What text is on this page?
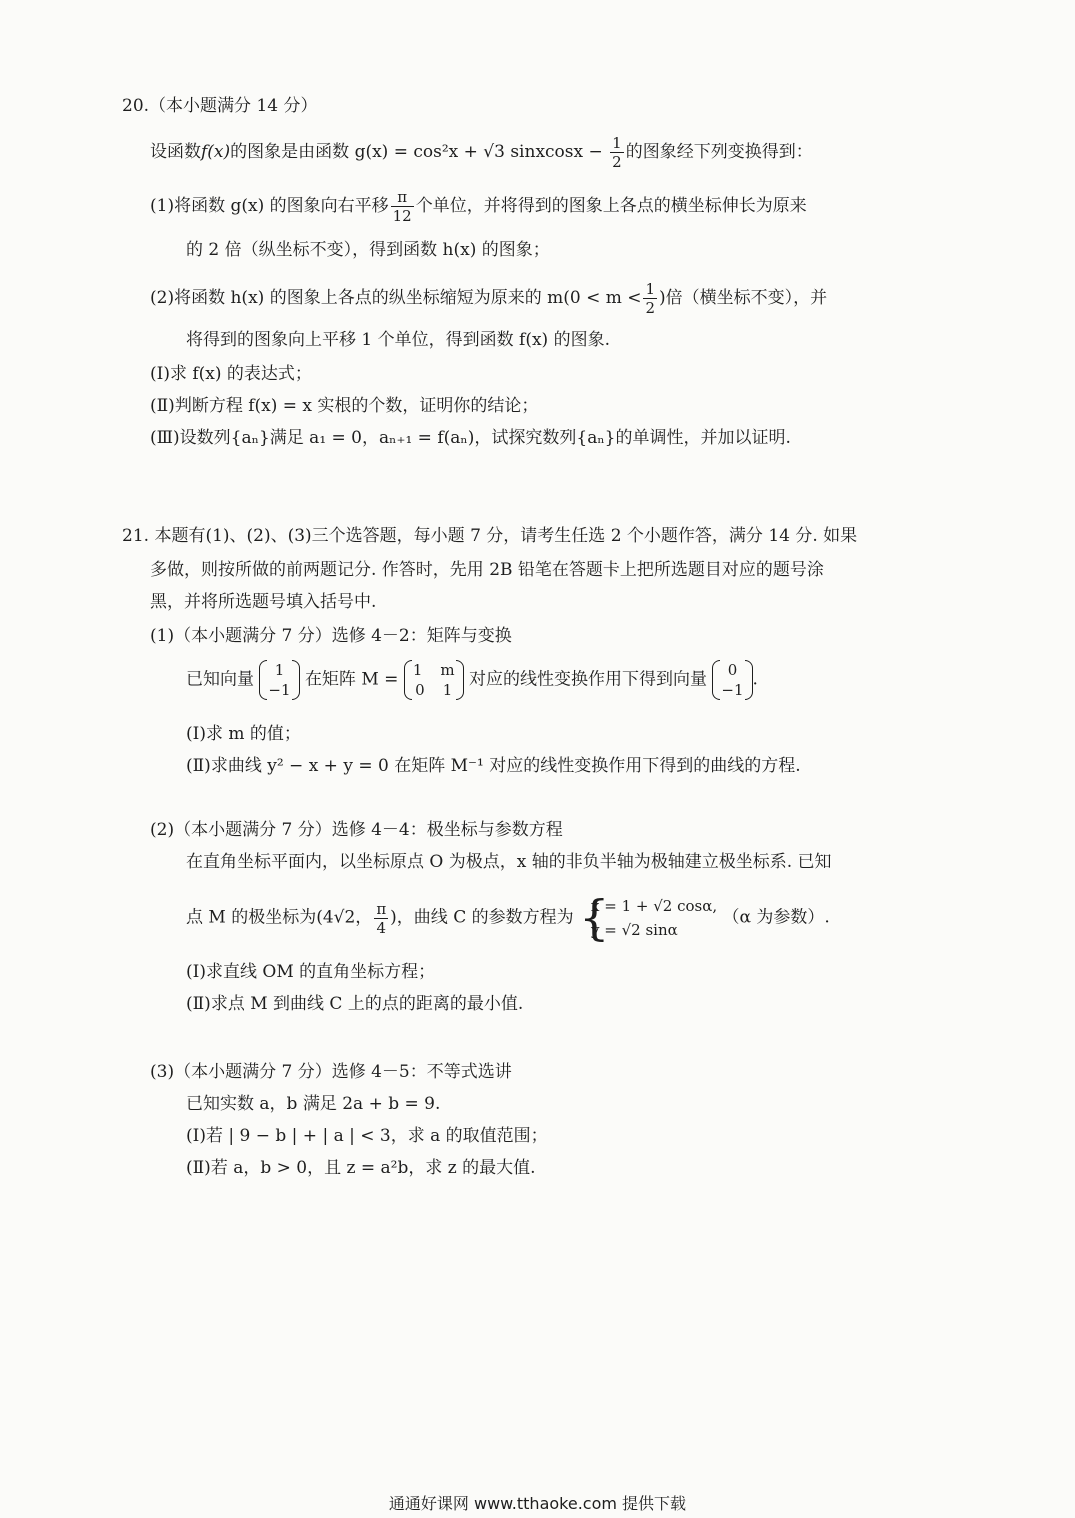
20.（本小题满分 14 分）
设函数f(x)的图象是由函数 g(x) = cos²x + √3 sinxcosx − $\frac{1}{2}$ 的图象经下列变换得到：
(1)将函数 g(x) 的图象向右平移 $\frac{\pi}{12}$ 个单位，并将得到的图象上各点的横坐标伸长为原来
的 2 倍（纵坐标不变），得到函数 h(x) 的图象；
(2)将函数 h(x) 的图象上各点的纵坐标缩短为原来的 $m(0 < m < \frac{1}{2}$ )倍（横坐标不变），并
将得到的图象向上平移 1 个单位，得到函数 f(x) 的图象.
(Ⅰ)求 f(x) 的表达式；
(Ⅱ)判断方程 f(x) = x 实根的个数，证明你的结论；
(Ⅲ)设数列{aₙ}满足 a₁ = 0，aₙ₊₁ = f(aₙ)，试探究数列{aₙ}的单调性，并加以证明.
21. 本题有(1)、(2)、(3)三个选答题，每小题 7 分，请考生任选 2 个小题作答，满分 14 分. 如果
多做，则按所做的前两题记分. 作答时，先用 2B 铅笔在答题卡上把所选题目对应的题号涂
黑，并将所选题号填入括号中.
(1)（本小题满分 7 分）选修 4－2：矩阵与变换
已知向量 1
−1
在矩阵 M = 1 m
0 1
对应的线性变换作用下得到向量 0
−1
.
(Ⅰ)求 m 的值；
(Ⅱ)求曲线 y² − x + y = 0 在矩阵 M⁻¹ 对应的线性变换作用下得到的曲线的方程.
(2)（本小题满分 7 分）选修 4－4：极坐标与参数方程
在直角坐标平面内，以坐标原点 O 为极点，x 轴的非负半轴为极轴建立极坐标系. 已知
点 M 的极坐标为(4√2， $\frac{\pi}{4}$ )，曲线 C 的参数方程为 {
x = 1 + √2 cosα,
y = √2 sinα
（α 为参数）.
(Ⅰ)求直线 OM 的直角坐标方程；
(Ⅱ)求点 M 到曲线 C 上的点的距离的最小值.
(3)（本小题满分 7 分）选修 4－5：不等式选讲
已知实数 a，b 满足 2a + b = 9.
(Ⅰ)若 | 9 − b | + | a | < 3，求 a 的取值范围；
(Ⅱ)若 a，b > 0，且 z = a²b，求 z 的最大值.
通通好课网 www.tthaoke.com 提供下载
